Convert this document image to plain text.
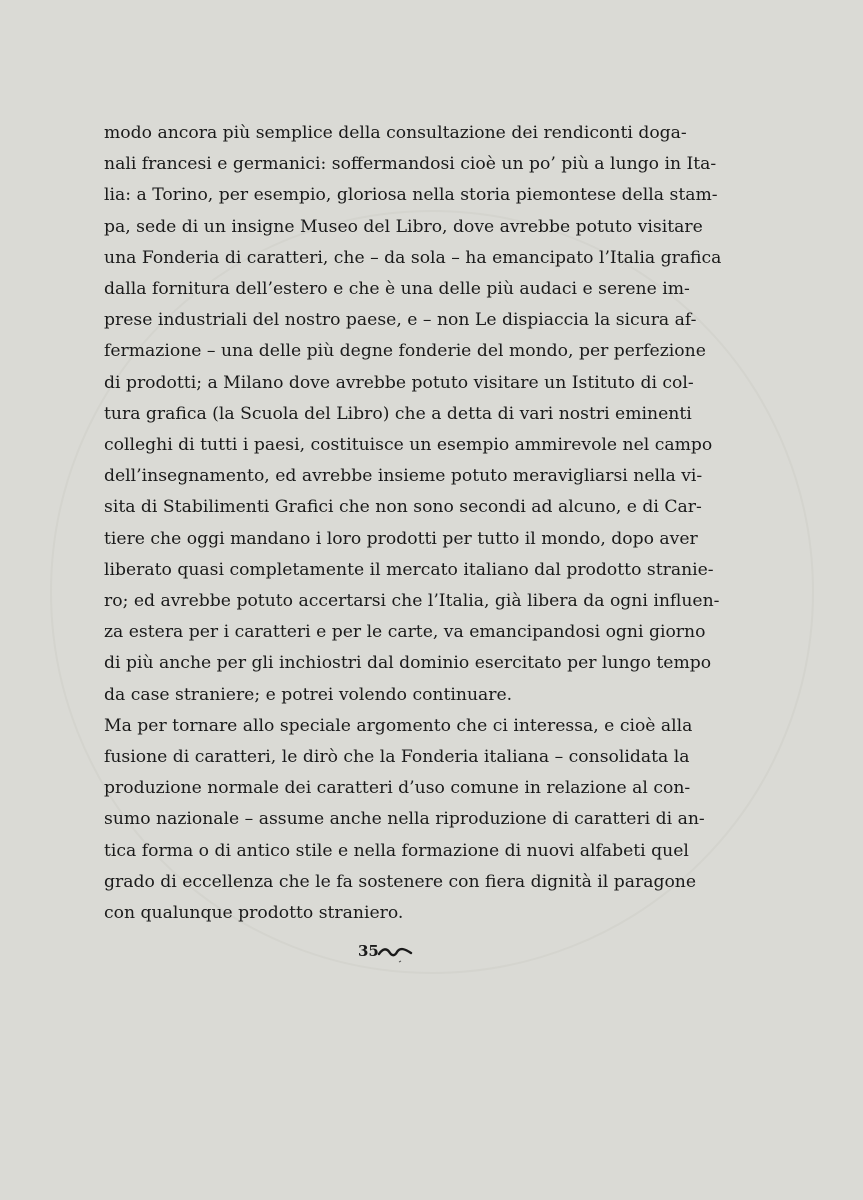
modo ancora più semplice della consultazione dei rendiconti doga-
nali francesi e germanici: soffermandosi cioè un po’ più a lungo in Ita-
lia: a Torino, per esempio, gloriosa nella storia piemontese della stam-
pa, sede di un insigne Museo del Libro, dove avrebbe potuto visitare
una Fonderia di caratteri, che – da sola – ha emancipato l’Italia grafica
dalla fornitura dell’estero e che è una delle più audaci e serene im-
prese industriali del nostro paese, e – non Le dispiaccia la sicura af-
fermazione – una delle più degne fonderie del mondo, per perfezione
di prodotti; a Milano dove avrebbe potuto visitare un Istituto di col-
tura grafica (la Scuola del Libro) che a detta di vari nostri eminenti
colleghi di tutti i paesi, costituisce un esempio ammirevole nel campo
dell’insegnamento, ed avrebbe insieme potuto meravigliarsi nella vi-
sita di Stabilimenti Grafici che non sono secondi ad alcuno, e di Car-
tiere che oggi mandano i loro prodotti per tutto il mondo, dopo aver
liberato quasi completamente il mercato italiano dal prodotto stranie-
ro; ed avrebbe potuto accertarsi che l’Italia, già libera da ogni influen-
za estera per i caratteri e per le carte, va emancipandosi ogni giorno
di più anche per gli inchiostri dal dominio esercitato per lungo tempo
da case straniere; e potrei volendo continuare.

Ma per tornare allo speciale argomento che ci interessa, e cioè alla
fusione di caratteri, le dirò che la Fonderia italiana – consolidata la
produzione normale dei caratteri d’uso comune in relazione al con-
sumo nazionale – assume anche nella riproduzione di caratteri di an-
tica forma o di antico stile e nella formazione di nuovi alfabeti quel
grado di eccellenza che le fa sostenere con fiera dignità il paragone
con qualunque prodotto straniero.

35
